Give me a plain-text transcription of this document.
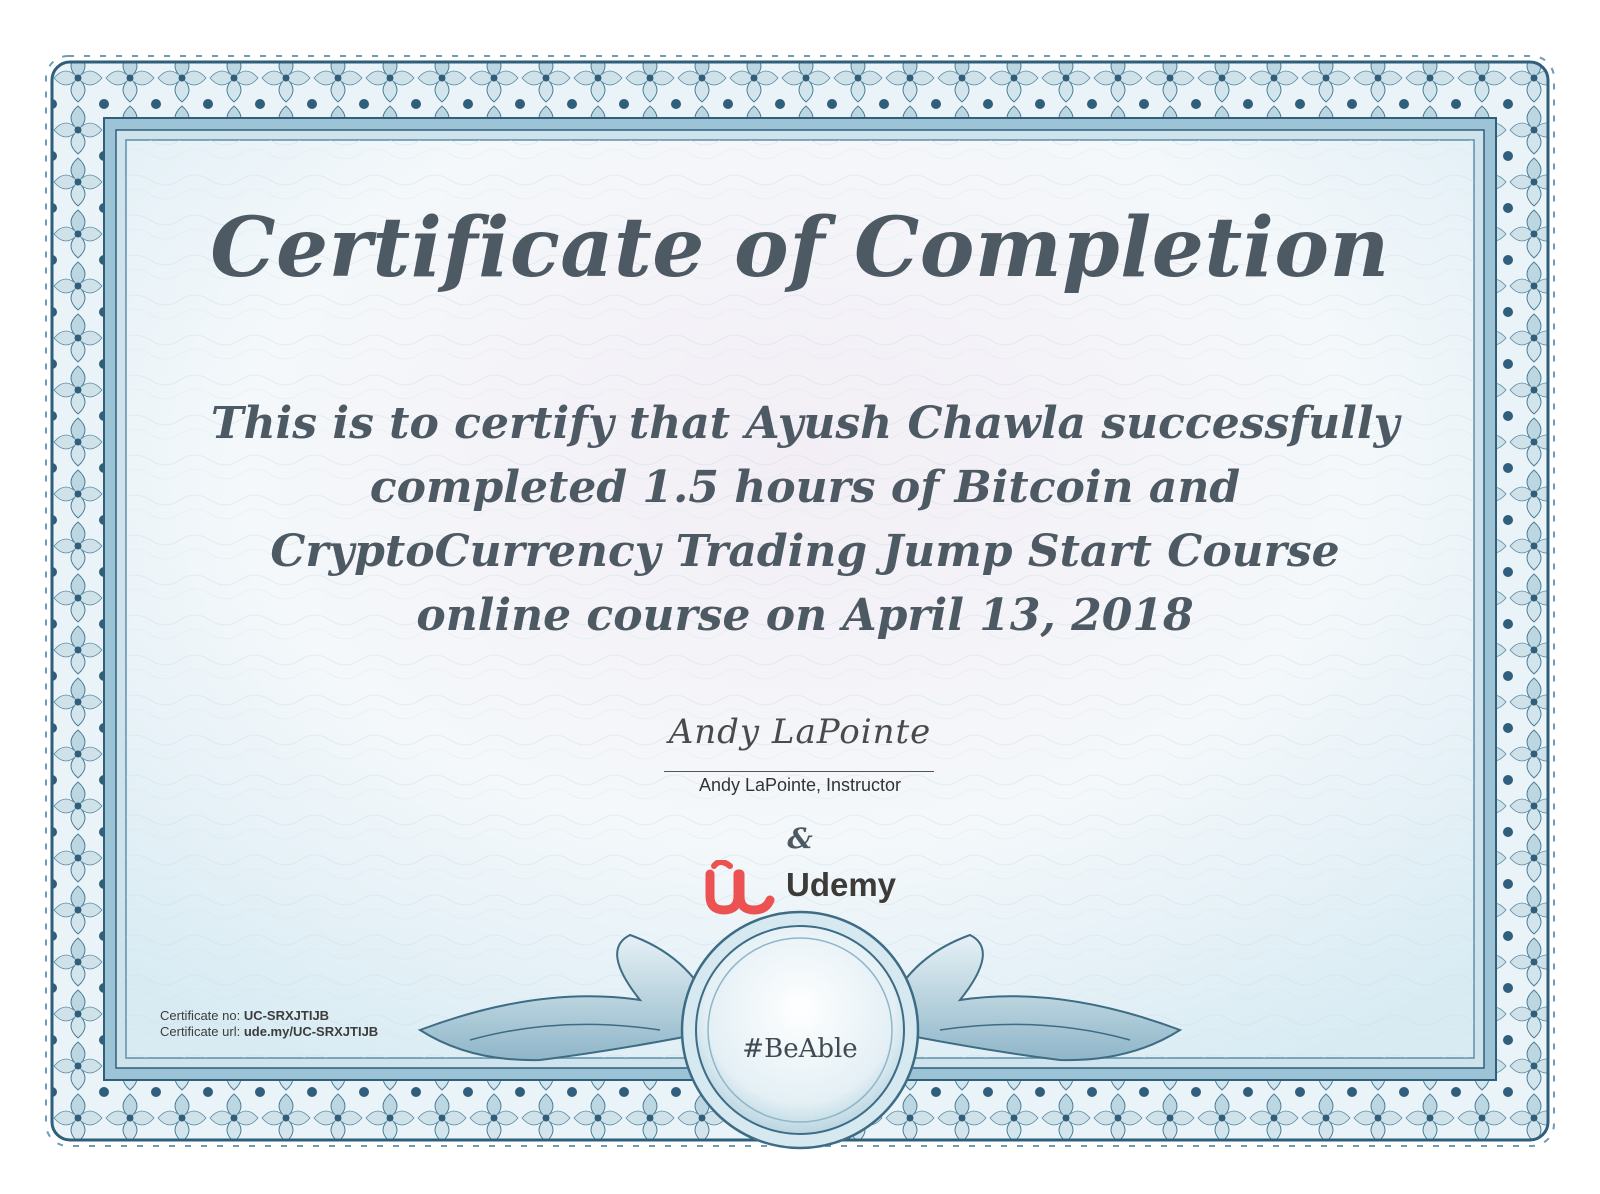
Certificate of Completion
This is to certify that Ayush Chawla successfully
completed 1.5 hours of Bitcoin and
CryptoCurrency Trading Jump Start Course
online course on April 13, 2018
Andy LaPointe
Andy LaPointe, Instructor
&
Udemy
Certificate no: UC-SRXJTIJB
Certificate url: ude.my/UC-SRXJTIJB
#BeAble
